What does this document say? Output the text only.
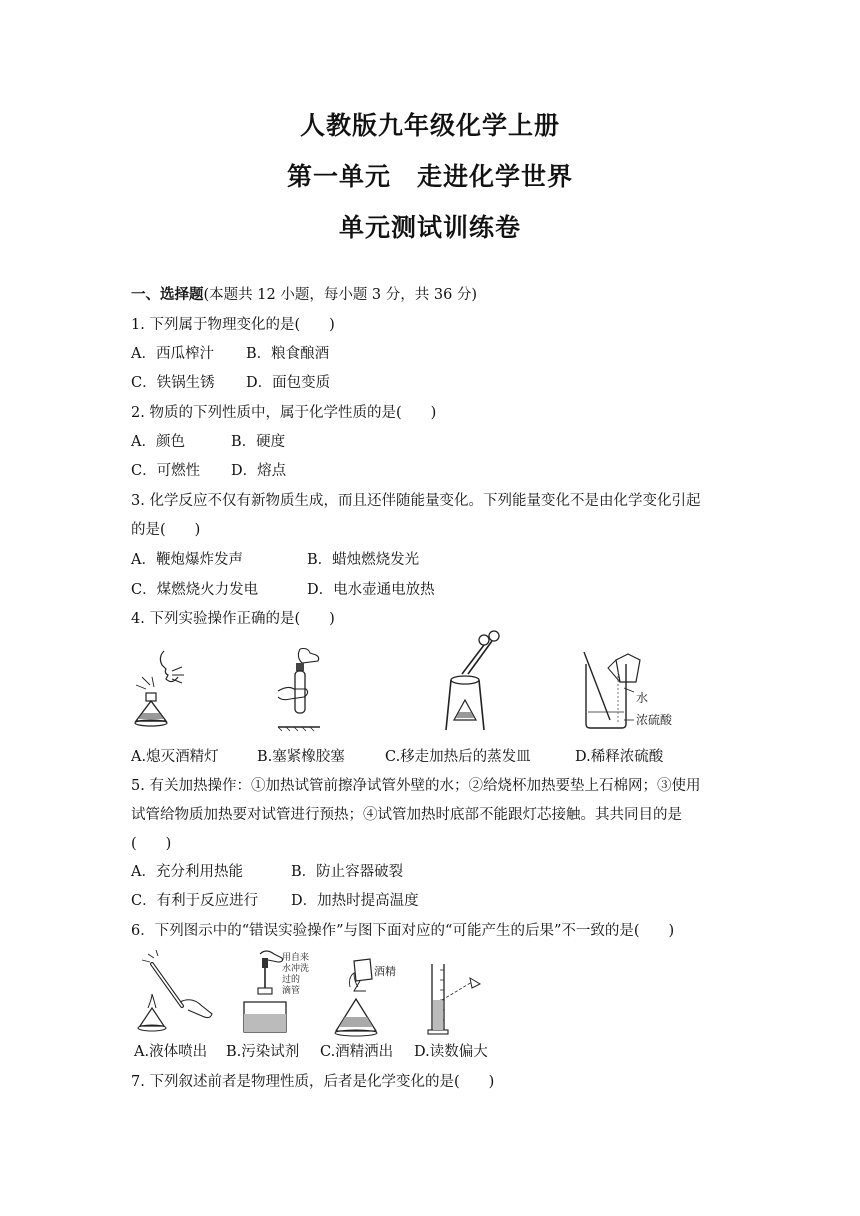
人教版九年级化学上册
第一单元　走进化学世界
单元测试训练卷
一、选择题(本题共 12 小题，每小题 3 分，共 36 分)
1. 下列属于物理变化的是(　　)
A．西瓜榨汁 B．粮食酿酒
C．铁锅生锈 D．面包变质
2. 物质的下列性质中，属于化学性质的是(　　)
A．颜色	B．硬度
C．可燃性 D．熔点
3. 化学反应不仅有新物质生成，而且还伴随能量变化。下列能量变化不是由化学变化引起
的是(　　)
A．鞭炮爆炸发声	B．蜡烛燃烧发光
C．煤燃烧火力发电	D．电水壶通电放热
4. 下列实验操作正确的是(　　)
水
浓硫酸
A.熄灭酒精灯	B.塞紧橡胶塞	C.移走加热后的蒸发皿	D.稀释浓硫酸
5. 有关加热操作：①加热试管前擦净试管外壁的水；②给烧杯加热要垫上石棉网；③使用
试管给物质加热要对试管进行预热；④试管加热时底部不能跟灯芯接触。其共同目的是
(　　)
A．充分利用热能	B．防止容器破裂
C．有利于反应进行 D．加热时提高温度
6．下列图示中的“错误实验操作”与图下面对应的“可能产生的后果”不一致的是(　　)
用自来
水冲洗
过的
滴管
酒精
A.液体喷出 B.污染试剂 C.酒精洒出 D.读数偏大
7. 下列叙述前者是物理性质，后者是化学变化的是(　　)
